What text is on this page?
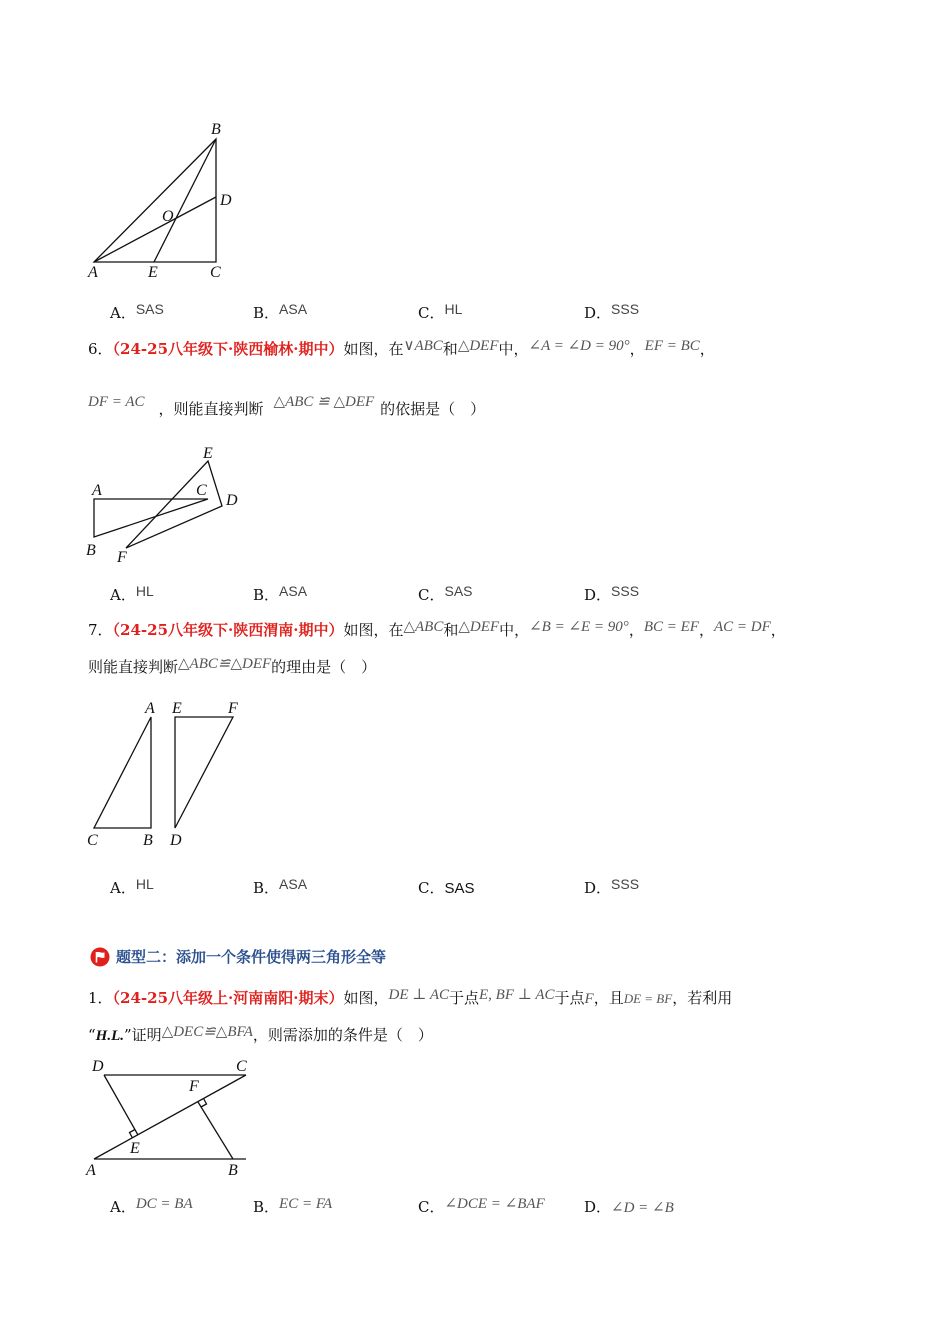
B
D
O
A	E	C
A．SAS	B．ASA	C．HL	D．SSS
6．（24-25八年级下·陕西榆林·期中）如图，在∨ABC和△DEF中，∠A = ∠D = 90°，EF = BC，
DF = AC ，则能直接判断 △ABC ≌ △DEF 的依据是（　）
E
A	C
D
B F
A．HL	B．ASA	C．SAS	D．SSS
7．（24-25八年级下·陕西渭南·期中）如图，在△ABC和△DEF中，∠B = ∠E = 90°，BC = EF，AC = DF，
则能直接判断△ABC≌△DEF的理由是（　）
A E	F
C	B D
A．HL	B．ASA	C．SAS	D．SSS
题型二：添加一个条件使得两三角形全等
1．（24-25八年级上·河南南阳·期末）如图，DE ⊥ AC于点E, BF ⊥ AC于点F，且DE = BF，若利用
“H.L.”证明△DEC≌△BFA，则需添加的条件是（　）
D	C
F
E
A	B
A．DC = BA	B．EC = FA	C．∠DCE = ∠BAF	D．∠D = ∠B
